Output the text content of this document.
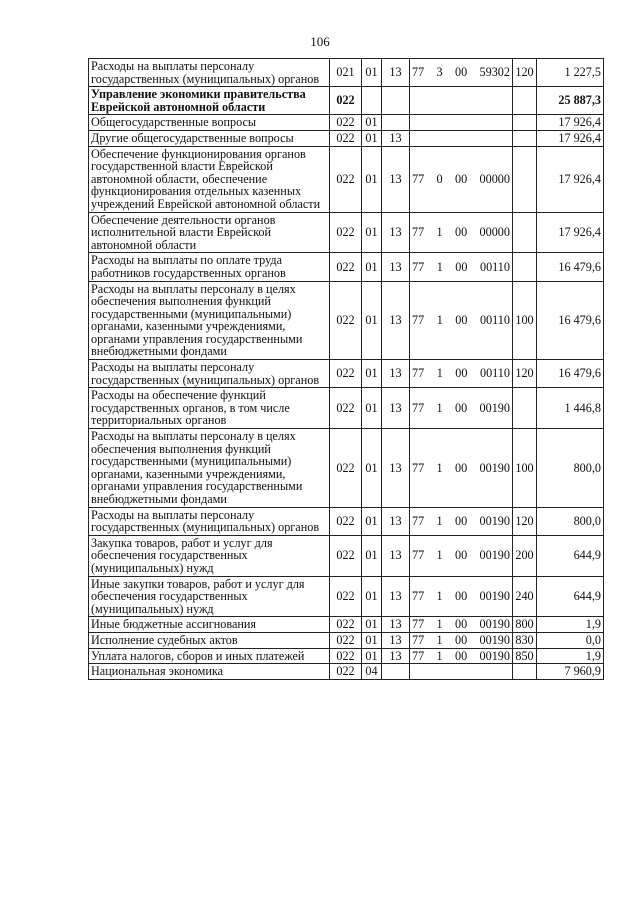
106
Расходы на выплаты персоналу государственных (муниципальных) органов	021	01	13	77 3 00 59302	120	1 227,5
Управление экономики правительства Еврейской автономной области	022					25 887,3
Общегосударственные вопросы	022	01				17 926,4
Другие общегосударственные вопросы	022	01	13			17 926,4
Обеспечение функционирования органов государственной власти Еврейской автономной области, обеспечение функционирования отдельных казенных учреждений Еврейской автономной области	022	01	13	77 0 00 00000		17 926,4
Обеспечение деятельности органов исполнительной власти Еврейской автономной области	022	01	13	77 1 00 00000		17 926,4
Расходы на выплаты по оплате труда работников государственных органов	022	01	13	77 1 00 00110		16 479,6
Расходы на выплаты персоналу в целях обеспечения выполнения функций государственными (муниципальными) органами, казенными учреждениями, органами управления государственными внебюджетными фондами	022	01	13	77 1 00 00110	100	16 479,6
Расходы на выплаты персоналу государственных (муниципальных) органов	022	01	13	77 1 00 00110	120	16 479,6
Расходы на обеспечение функций государственных органов, в том числе территориальных органов	022	01	13	77 1 00 00190		1 446,8
Расходы на выплаты персоналу в целях обеспечения выполнения функций государственными (муниципальными) органами, казенными учреждениями, органами управления государственными внебюджетными фондами	022	01	13	77 1 00 00190	100	800,0
Расходы на выплаты персоналу государственных (муниципальных) органов	022	01	13	77 1 00 00190	120	800,0
Закупка товаров, работ и услуг для обеспечения государственных (муниципальных) нужд	022	01	13	77 1 00 00190	200	644,9
Иные закупки товаров, работ и услуг для обеспечения государственных (муниципальных) нужд	022	01	13	77 1 00 00190	240	644,9
Иные бюджетные ассигнования	022	01	13	77 1 00 00190	800	1,9
Исполнение судебных актов	022	01	13	77 1 00 00190	830	0,0
Уплата налогов, сборов и иных платежей	022	01	13	77 1 00 00190	850	1,9
Национальная экономика	022	04				7 960,9
